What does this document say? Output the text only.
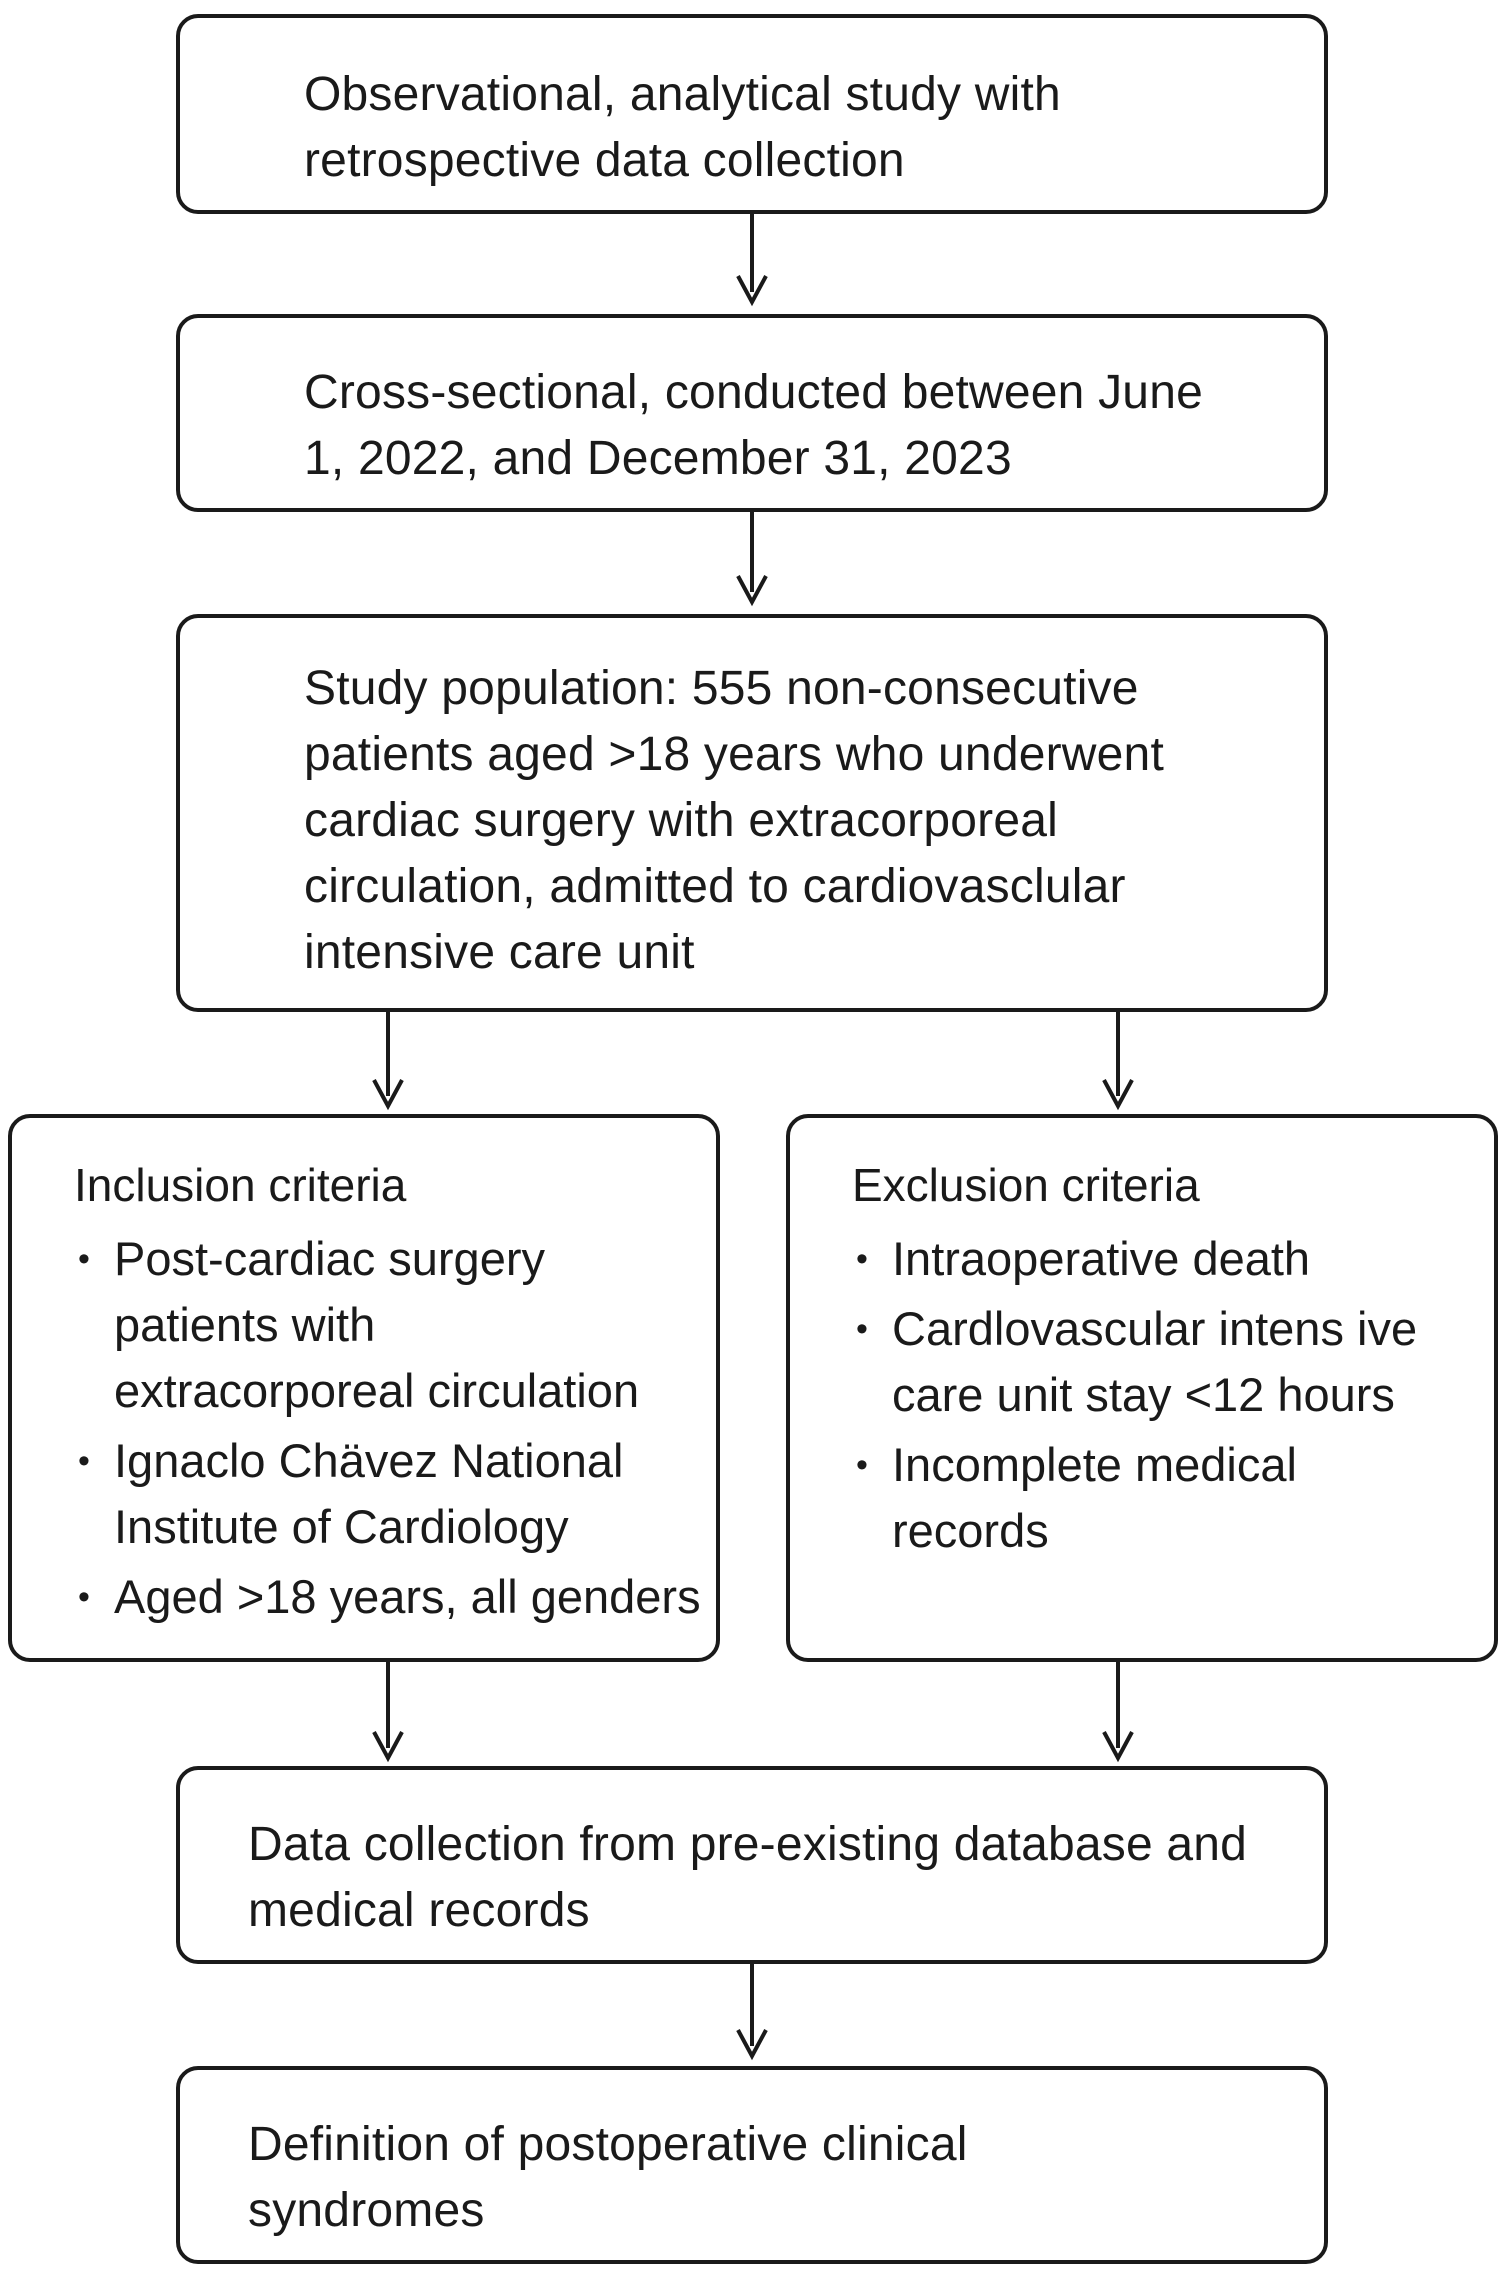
Observational, analytical study with retrospective data collection

Cross-sectional, conducted between June 1, 2022, and December 31, 2023

Study population: 555 non-consecutive patients aged >18 years who underwent cardiac surgery with extracorporeal circulation, admitted to cardiovasclular intensive care unit

Inclusion criteria
• Post-cardiac surgery patients with extracorporeal circulation
• Ignaclo Chävez National Institute of Cardiology
• Aged >18 years, all genders
Exclusion criteria
• Intraoperative death
• Cardlovascular intens ive care unit stay <12 hours
• Incomplete medical records

Data collection from pre-existing database and medical records

Definition of postoperative clinical syndromes
